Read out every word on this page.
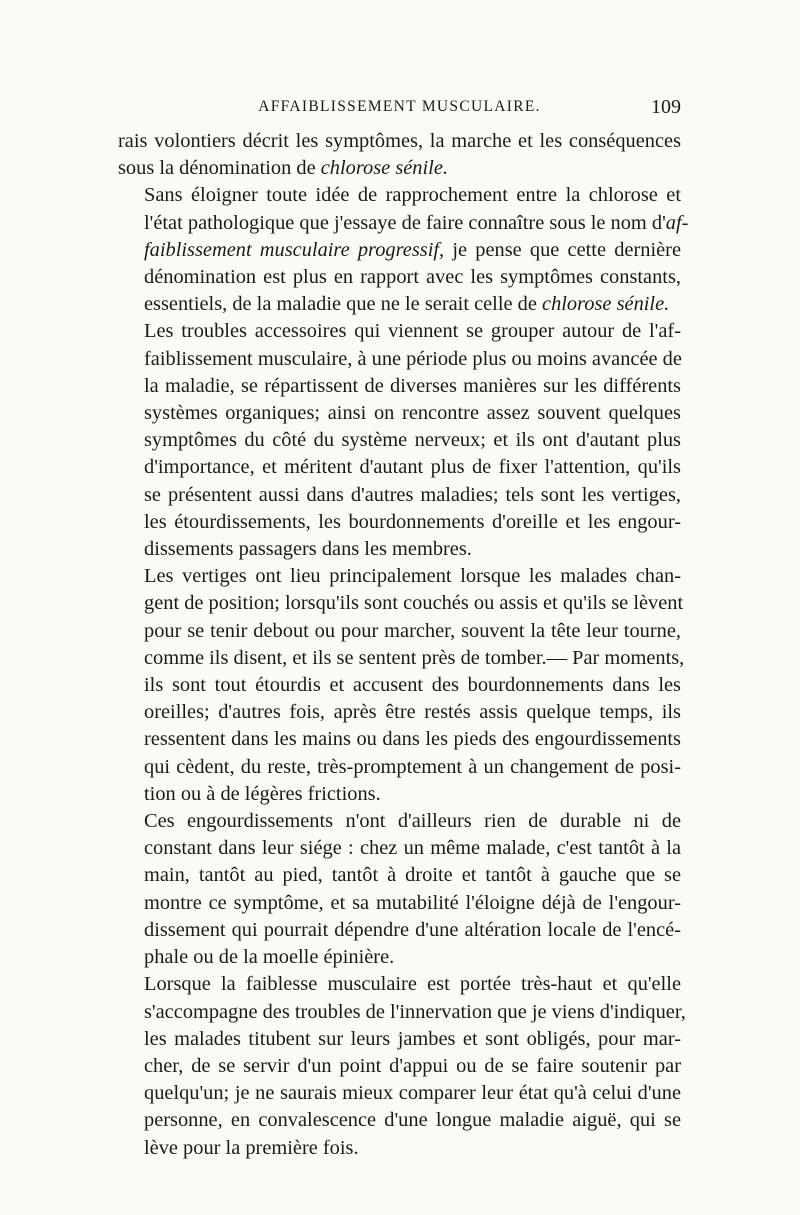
AFFAIBLISSEMENT MUSCULAIRE.	109

rais volontiers décrit les symptômes, la marche et les conséquences
sous la dénomination de chlorose sénile.

Sans éloigner toute idée de rapprochement entre la chlorose et
l'état pathologique que j'essaye de faire connaître sous le nom d'af-
faiblissement musculaire progressif, je pense que cette dernière
dénomination est plus en rapport avec les symptômes constants,
essentiels, de la maladie que ne le serait celle de chlorose sénile.

Les troubles accessoires qui viennent se grouper autour de l'af-
faiblissement musculaire, à une période plus ou moins avancée de
la maladie, se répartissent de diverses manières sur les différents
systèmes organiques; ainsi on rencontre assez souvent quelques
symptômes du côté du système nerveux; et ils ont d'autant plus
d'importance, et méritent d'autant plus de fixer l'attention, qu'ils
se présentent aussi dans d'autres maladies; tels sont les vertiges,
les étourdissements, les bourdonnements d'oreille et les engour-
dissements passagers dans les membres.

Les vertiges ont lieu principalement lorsque les malades chan-
gent de position; lorsqu'ils sont couchés ou assis et qu'ils se lèvent
pour se tenir debout ou pour marcher, souvent la tête leur tourne,
comme ils disent, et ils se sentent près de tomber.— Par moments,
ils sont tout étourdis et accusent des bourdonnements dans les
oreilles; d'autres fois, après être restés assis quelque temps, ils
ressentent dans les mains ou dans les pieds des engourdissements
qui cèdent, du reste, très-promptement à un changement de posi-
tion ou à de légères frictions.

Ces engourdissements n'ont d'ailleurs rien de durable ni de
constant dans leur siége : chez un même malade, c'est tantôt à la
main, tantôt au pied, tantôt à droite et tantôt à gauche que se
montre ce symptôme, et sa mutabilité l'éloigne déjà de l'engour-
dissement qui pourrait dépendre d'une altération locale de l'encé-
phale ou de la moelle épinière.

Lorsque la faiblesse musculaire est portée très-haut et qu'elle
s'accompagne des troubles de l'innervation que je viens d'indiquer,
les malades titubent sur leurs jambes et sont obligés, pour mar-
cher, de se servir d'un point d'appui ou de se faire soutenir par
quelqu'un; je ne saurais mieux comparer leur état qu'à celui d'une
personne, en convalescence d'une longue maladie aiguë, qui se
lève pour la première fois.
